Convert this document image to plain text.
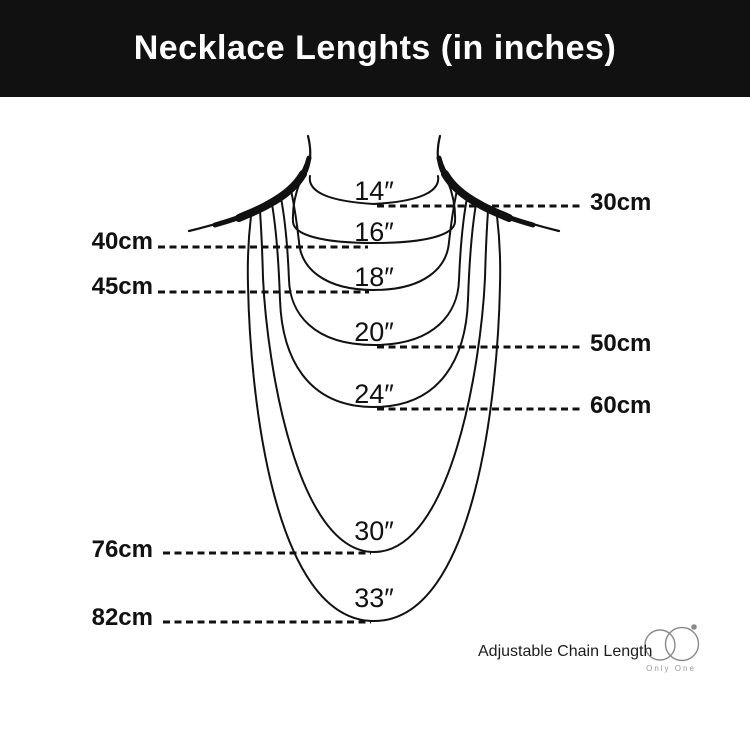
Necklace Lenghts (in inches)
14″
16″
18″
20″
24″
30″
33″
30cm
40cm
45cm
50cm
60cm
76cm
82cm
Adjustable Chain Length
Only One
